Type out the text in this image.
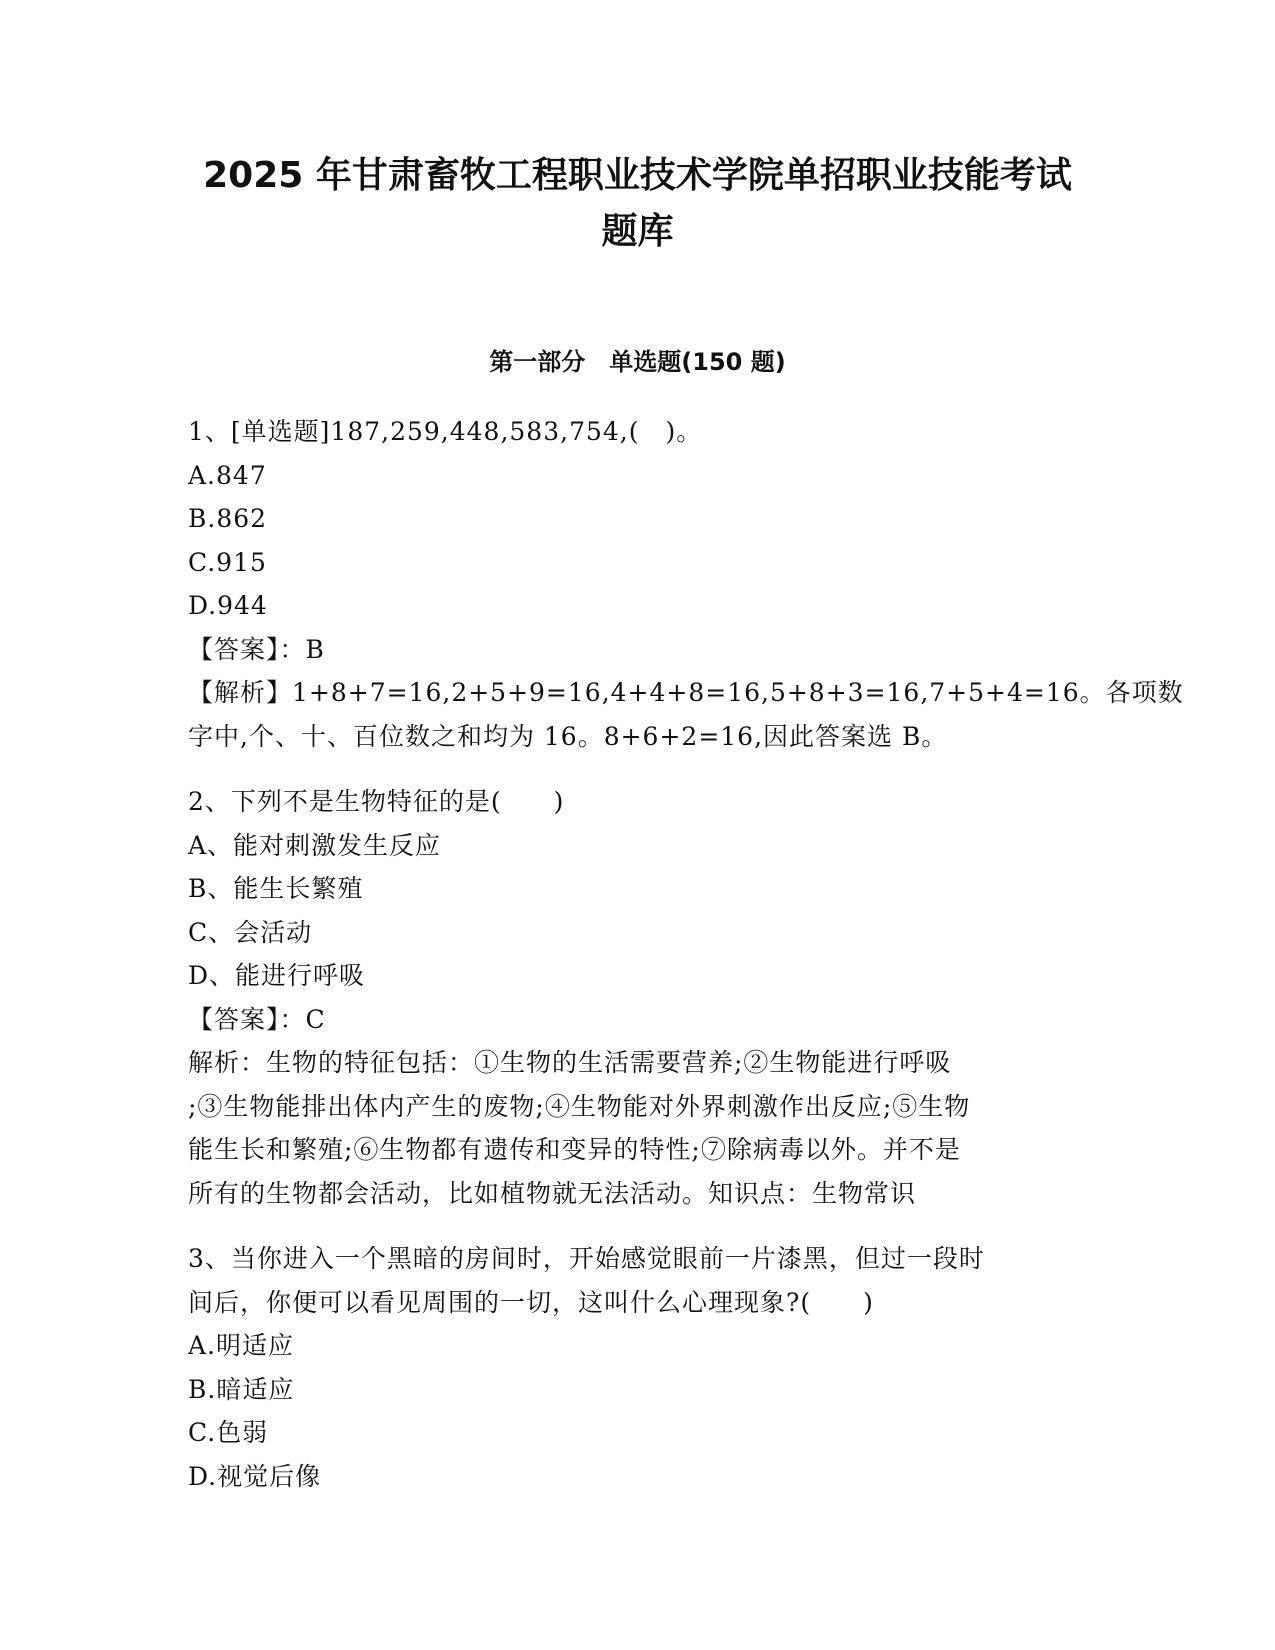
2025 年甘肃畜牧工程职业技术学院单招职业技能考试
题库
第一部分　单选题(150 题)
1、[单选题]187,259,448,583,754,(　)。
A.847
B.862
C.915
D.944
【答案】：B
【解析】1+8+7=16,2+5+9=16,4+4+8=16,5+8+3=16,7+5+4=16。各项数
字中,个、十、百位数之和均为 16。8+6+2=16,因此答案选 B。
2、下列不是生物特征的是(　　)
A、能对刺激发生反应
B、能生长繁殖
C、会活动
D、能进行呼吸
【答案】：C
解析：生物的特征包括：①生物的生活需要营养;②生物能进行呼吸
;③生物能排出体内产生的废物;④生物能对外界刺激作出反应;⑤生物
能生长和繁殖;⑥生物都有遗传和变异的特性;⑦除病毒以外。并不是
所有的生物都会活动，比如植物就无法活动。知识点：生物常识
3、当你进入一个黑暗的房间时，开始感觉眼前一片漆黑，但过一段时
间后，你便可以看见周围的一切，这叫什么心理现象?(　　)
A.明适应
B.暗适应
C.色弱
D.视觉后像
